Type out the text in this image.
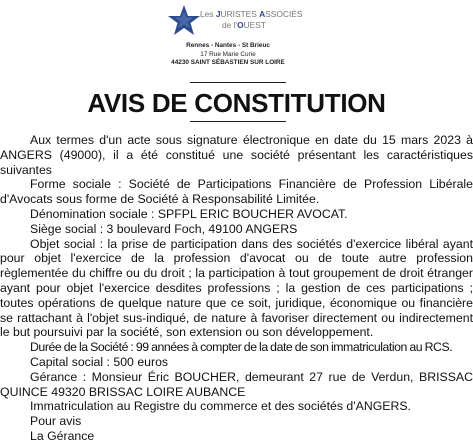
Les JURISTES ASSOCIÉS
de l'OUEST
Rennes - Nantes - St Brieuc
17 Rue Marie Curie
44230 SAINT SÉBASTIEN SUR LOIRE
AVIS DE CONSTITUTION

Aux termes d'un acte sous signature électronique en date du 15 mars 2023 à ANGERS (49000), il a été constitué une société présentant les caractéristiques suivantes

Forme sociale : Société de Participations Financière de Profession Libérale d'Avocats sous forme de Société à Responsabilité Limitée.

Dénomination sociale : SPFPL ERIC BOUCHER AVOCAT.

Siège social : 3 boulevard Foch, 49100 ANGERS

Objet social : la prise de participation dans des sociétés d'exercice libéral ayant pour objet l'exercice de la profession d'avocat ou de toute autre profession règlementée du chiffre ou du droit ; la participation à tout groupement de droit étranger ayant pour objet l'exercice desdites professions ; la gestion de ces participations ; toutes opérations de quelque nature que ce soit, juridique, économique ou financière se rattachant à l'objet sus-indiqué, de nature à favoriser directement ou indirectement le but poursuivi par la société, son extension ou son développement.

Durée de la Société : 99 années à compter de la date de son immatriculation au RCS.

Capital social : 500 euros

Gérance : Monsieur Éric BOUCHER, demeurant 27 rue de Verdun, BRISSAC QUINCE 49320 BRISSAC LOIRE AUBANCE

Immatriculation au Registre du commerce et des sociétés d'ANGERS.

Pour avis

La Gérance
